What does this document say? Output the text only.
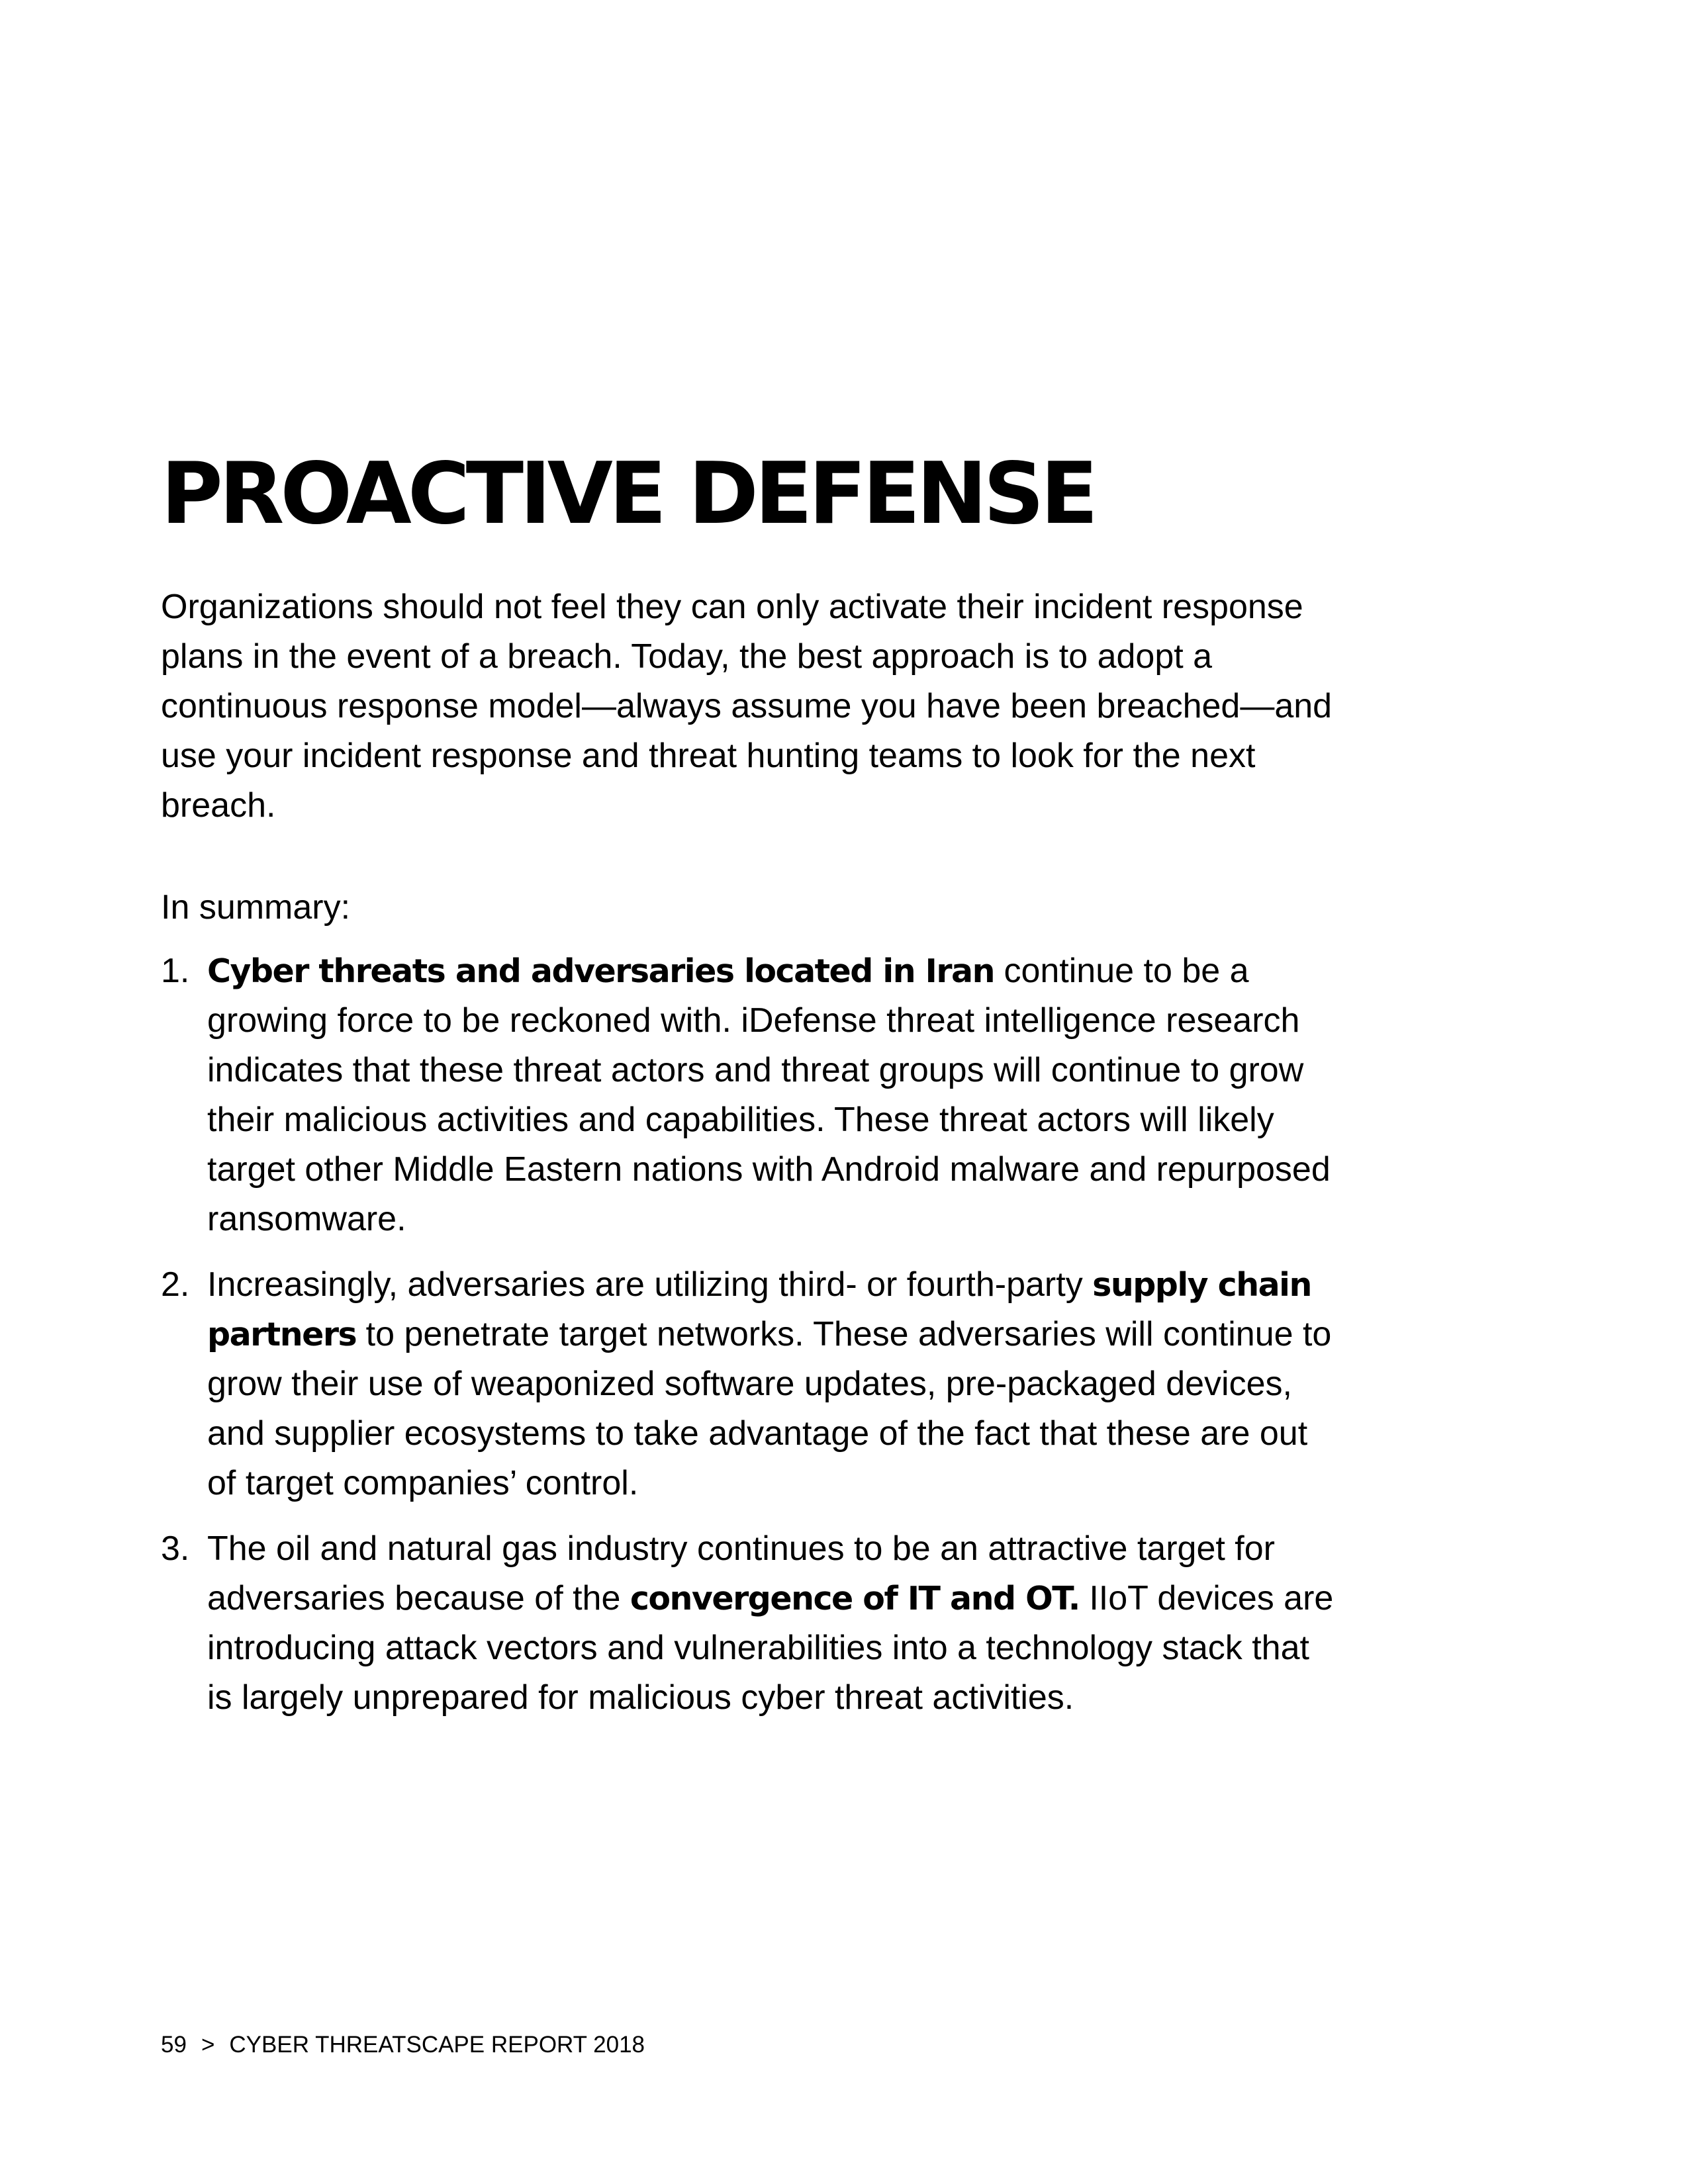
PROACTIVE DEFENSE

Organizations should not feel they can only activate their incident response plans in the event of a breach. Today, the best approach is to adopt a continuous response model—always assume you have been breached—and use your incident response and threat hunting teams to look for the next breach.

In summary:

1. Cyber threats and adversaries located in Iran continue to be a growing force to be reckoned with. iDefense threat intelligence research indicates that these threat actors and threat groups will continue to grow their malicious activities and capabilities. These threat actors will likely target other Middle Eastern nations with Android malware and repurposed ransomware.
2. Increasingly, adversaries are utilizing third- or fourth-party supply chain partners to penetrate target networks. These adversaries will continue to grow their use of weaponized software updates, pre-packaged devices, and supplier ecosystems to take advantage of the fact that these are out of target companies’ control.
3. The oil and natural gas industry continues to be an attractive target for adversaries because of the convergence of IT and OT. IIoT devices are introducing attack vectors and vulnerabilities into a technology stack that is largely unprepared for malicious cyber threat activities.
59 > CYBER THREATSCAPE REPORT 2018
